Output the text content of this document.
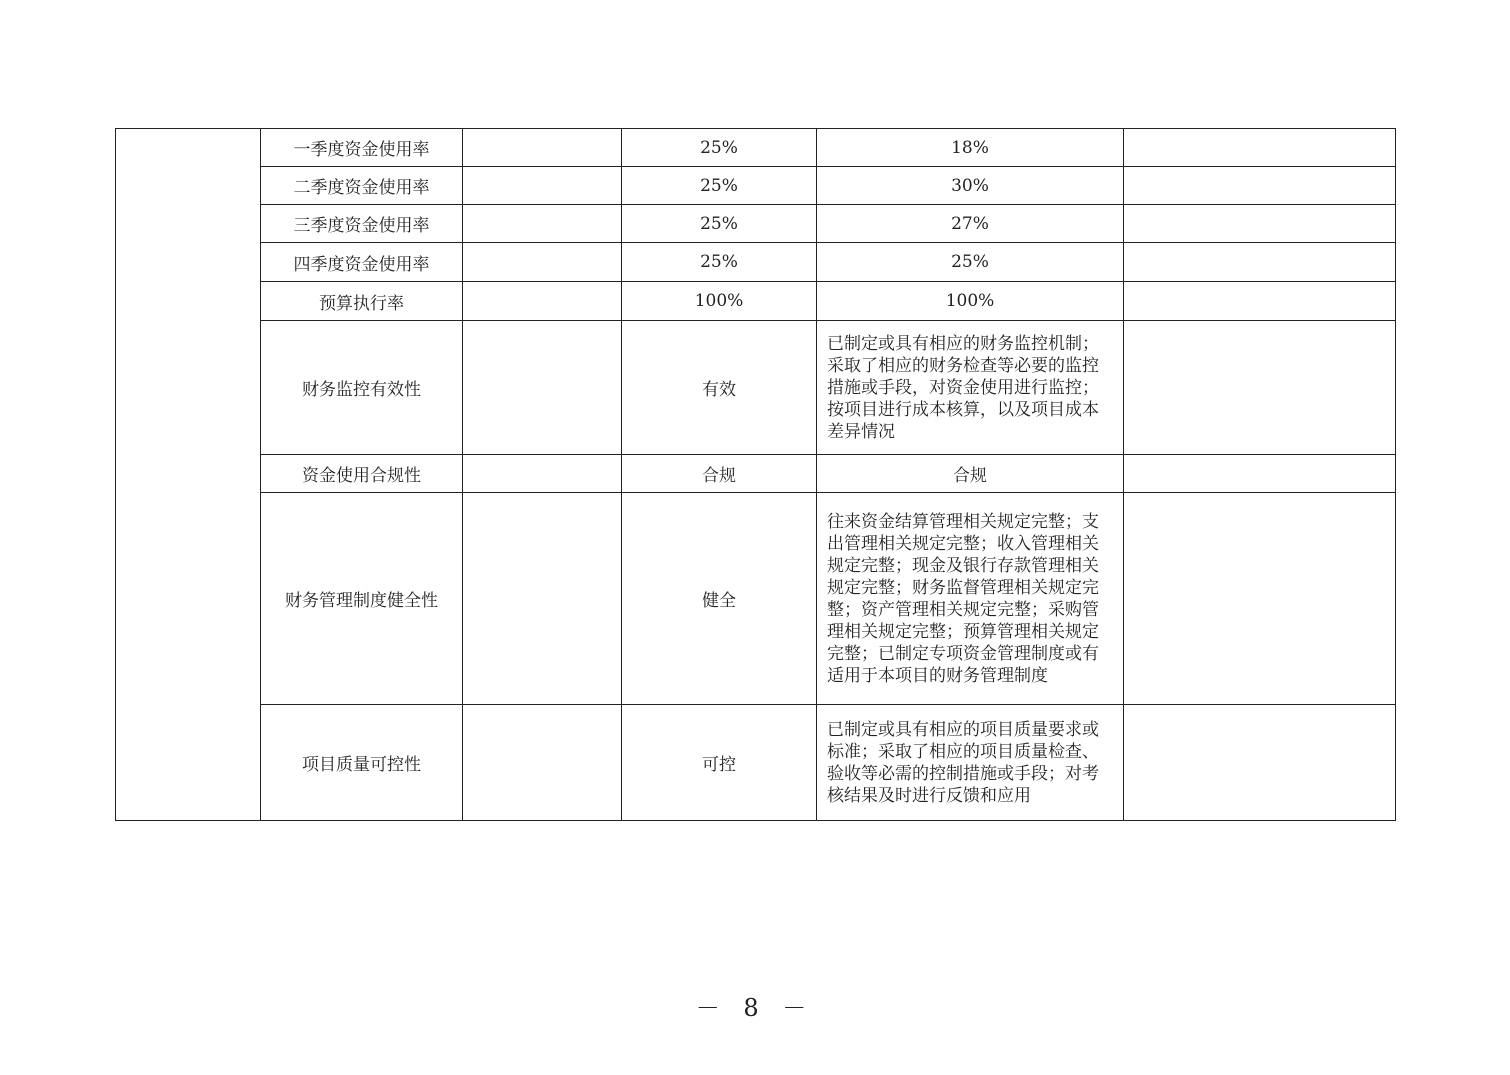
	一季度资金使用率		25%	18%	
	二季度资金使用率		25%	30%	
	三季度资金使用率		25%	27%	
	四季度资金使用率		25%	25%	
	预算执行率		100%	100%	
	财务监控有效性		有效	已制定或具有相应的财务监控机制；采取了相应的财务检查等必要的监控措施或手段，对资金使用进行监控；按项目进行成本核算，以及项目成本差异情况	
	资金使用合规性		合规	合规	
	财务管理制度健全性		健全	往来资金结算管理相关规定完整；支出管理相关规定完整；收入管理相关规定完整；现金及银行存款管理相关规定完整；财务监督管理相关规定完整；资产管理相关规定完整；采购管理相关规定完整；预算管理相关规定完整；已制定专项资金管理制度或有适用于本项目的财务管理制度	
	项目质量可控性		可控	已制定或具有相应的项目质量要求或标准；采取了相应的项目质量检查、验收等必需的控制措施或手段；对考核结果及时进行反馈和应用	
－ 8 －
